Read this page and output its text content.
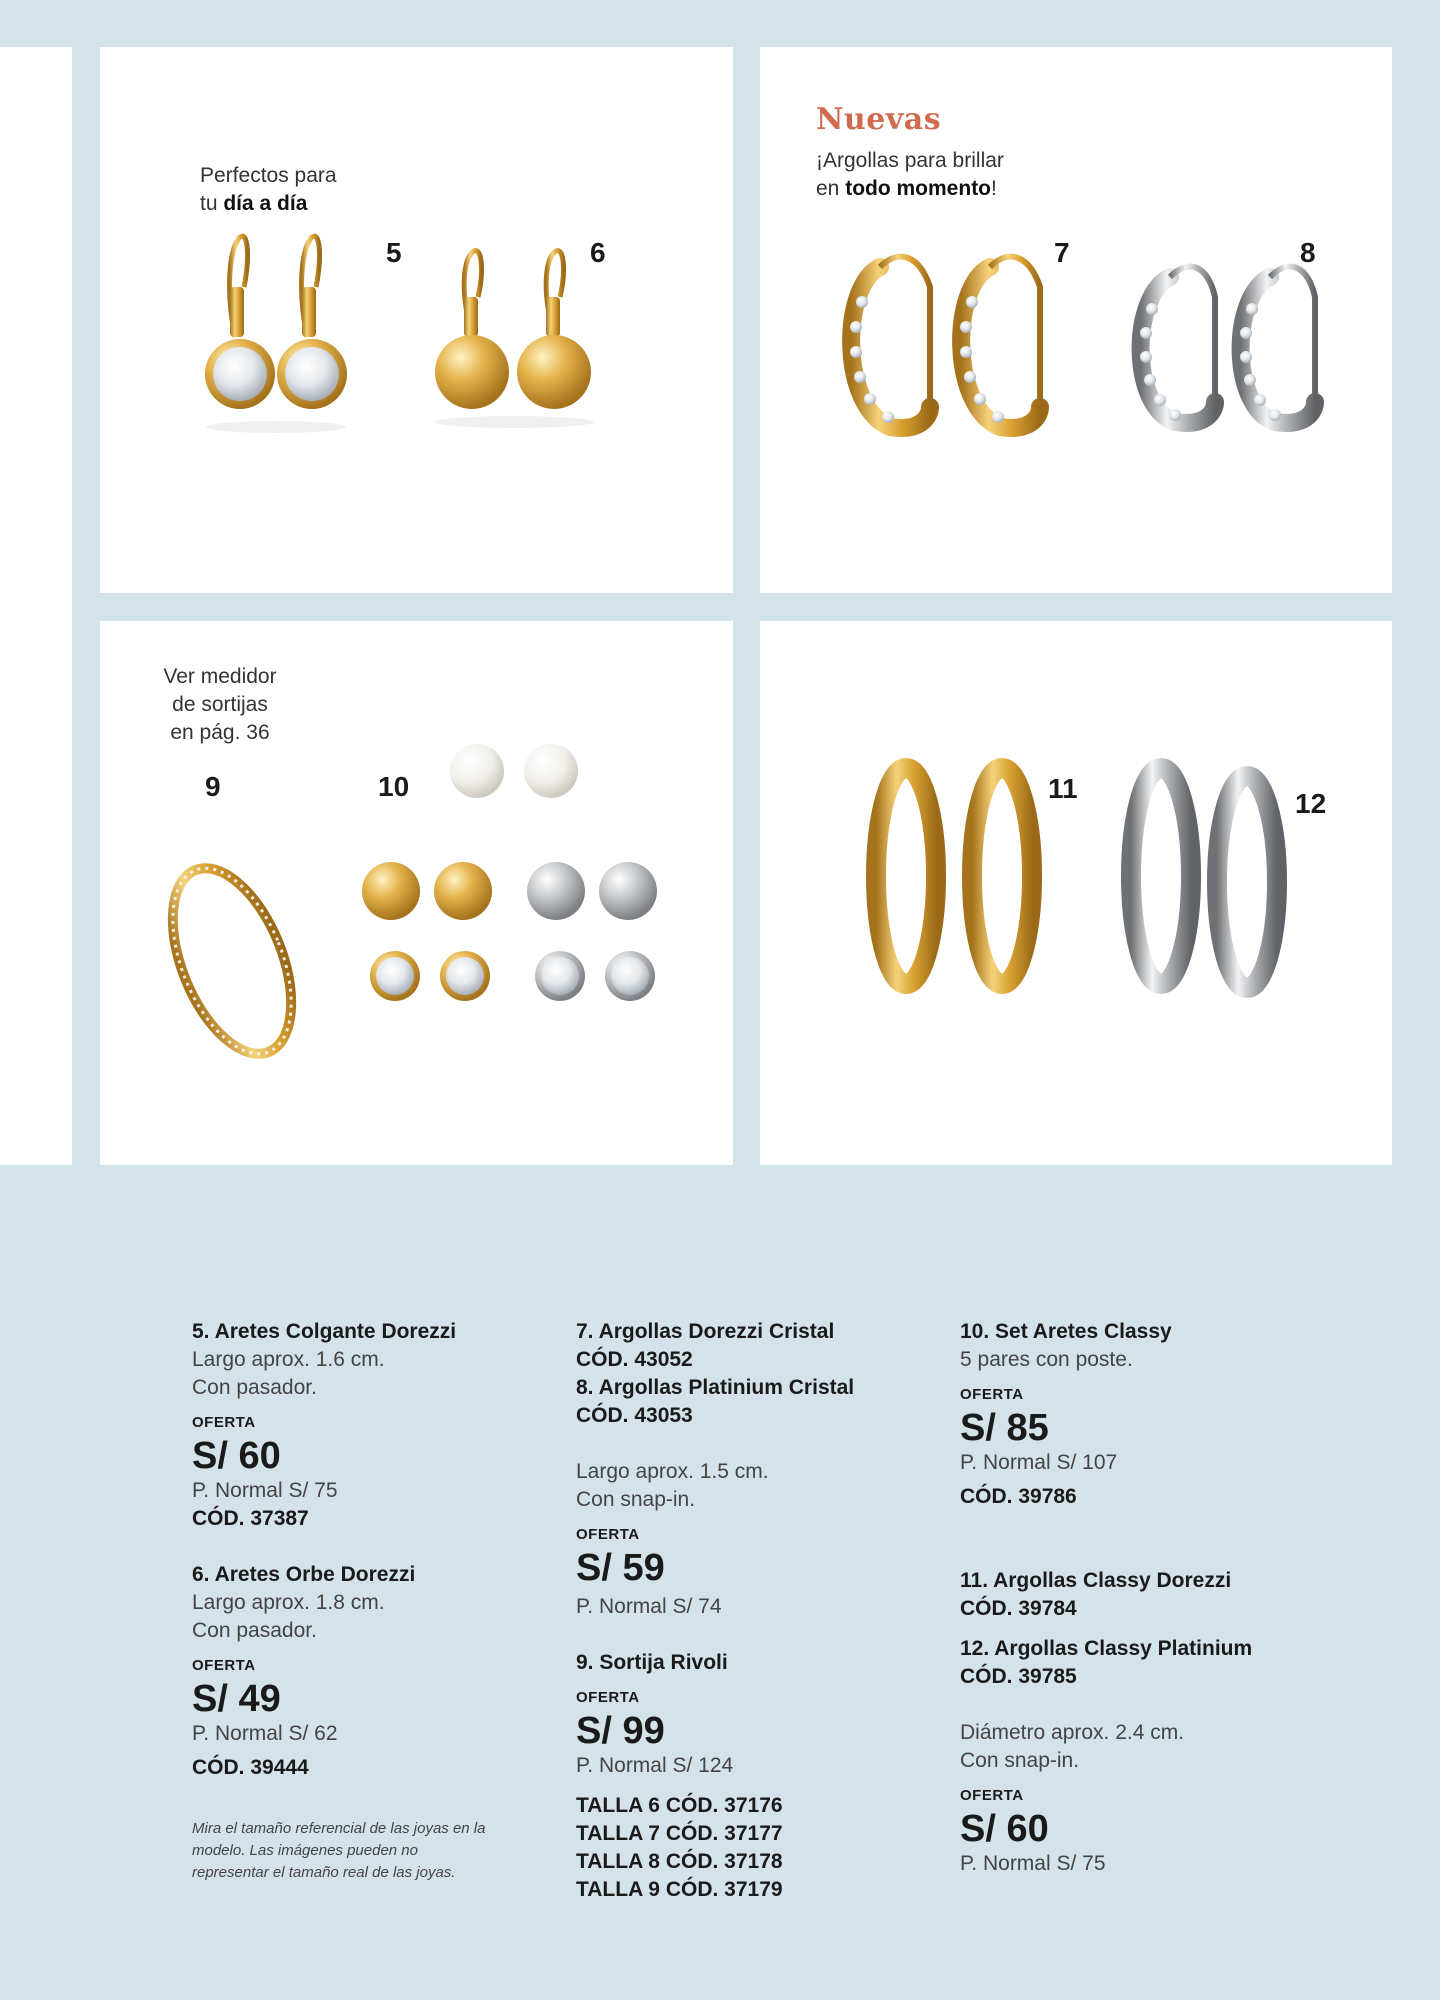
Perfectos para
tu día a día
5	6
Nuevas
¡Argollas para brillar
en todo momento!
7	8
Ver medidor
de sortijas
en pág. 36
9	10	11	12
5. Aretes Colgante Dorezzi
Largo aprox. 1.6 cm.
Con pasador.
OFERTA
S/ 60
P. Normal S/ 75
CÓD. 37387
6. Aretes Orbe Dorezzi
Largo aprox. 1.8 cm.
Con pasador.
OFERTA
S/ 49
P. Normal S/ 62
CÓD. 39444
Mira el tamaño referencial de las joyas en la modelo. Las imágenes pueden no representar el tamaño real de las joyas.
7. Argollas Dorezzi Cristal
CÓD. 43052
8. Argollas Platinium Cristal
CÓD. 43053
Largo aprox. 1.5 cm.
Con snap-in.
OFERTA
S/ 59
P. Normal S/ 74
9. Sortija Rivoli
OFERTA
S/ 99
P. Normal S/ 124
TALLA 6 CÓD. 37176
TALLA 7 CÓD. 37177
TALLA 8 CÓD. 37178
TALLA 9 CÓD. 37179
10. Set Aretes Classy
5 pares con poste.
OFERTA
S/ 85
P. Normal S/ 107
CÓD. 39786
11. Argollas Classy Dorezzi
CÓD. 39784
12. Argollas Classy Platinium
CÓD. 39785
Diámetro aprox. 2.4 cm.
Con snap-in.
OFERTA
S/ 60
P. Normal S/ 75
